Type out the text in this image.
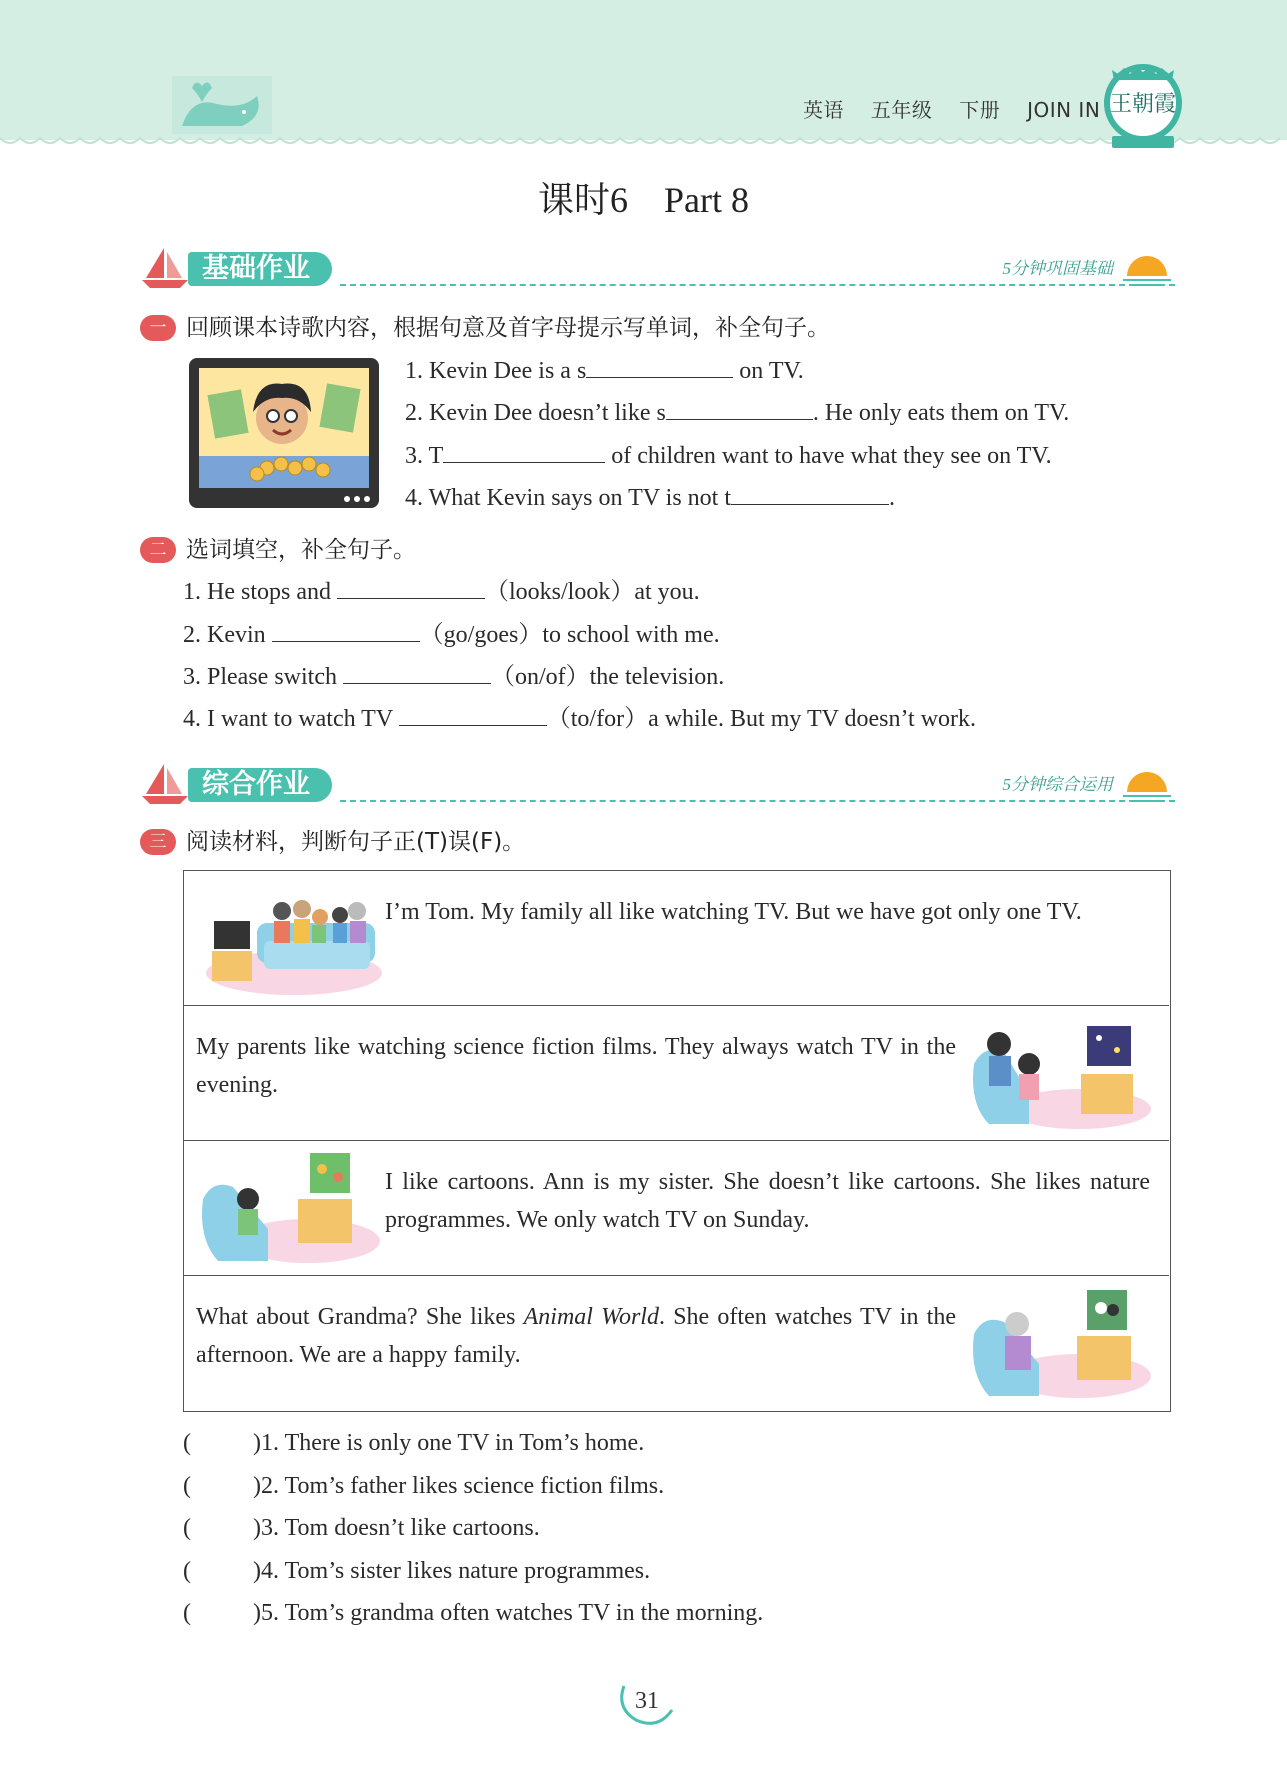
英语 五年级 下册 JOIN IN 王朝霞
课时6　Part 8
基础作业	5分钟巩固基础
一 回顾课本诗歌内容，根据句意及首字母提示写单词，补全句子。
1. Kevin Dee is a s	on TV.
2. Kevin Dee doesn’t like s	. He only eats them on TV.
3. T	of children want to have what they see on TV.
4. What Kevin says on TV is not t	.
二 选词填空，补全句子。
1. He stops and	（looks/look）at you.
2. Kevin	（go/goes）to school with me.
3. Please switch	（on/of）the television.
4. I want to watch TV	（to/for）a while. But my TV doesn’t work.
综合作业	5分钟综合运用
三 阅读材料，判断句子正(T)误(F)。
I’m Tom. My family all like watching TV. But we have got only one TV.
My parents like watching science fiction films. They always watch TV in the evening.
I like cartoons. Ann is my sister. She doesn’t like cartoons. She likes nature programmes. We only watch TV on Sunday.
What about Grandma? She likes Animal World. She often watches TV in the afternoon. We are a happy family.
(	)1. There is only one TV in Tom’s home.
(	)2. Tom’s father likes science fiction films.
(	)3. Tom doesn’t like cartoons.
(	)4. Tom’s sister likes nature programmes.
(	)5. Tom’s grandma often watches TV in the morning.
31
